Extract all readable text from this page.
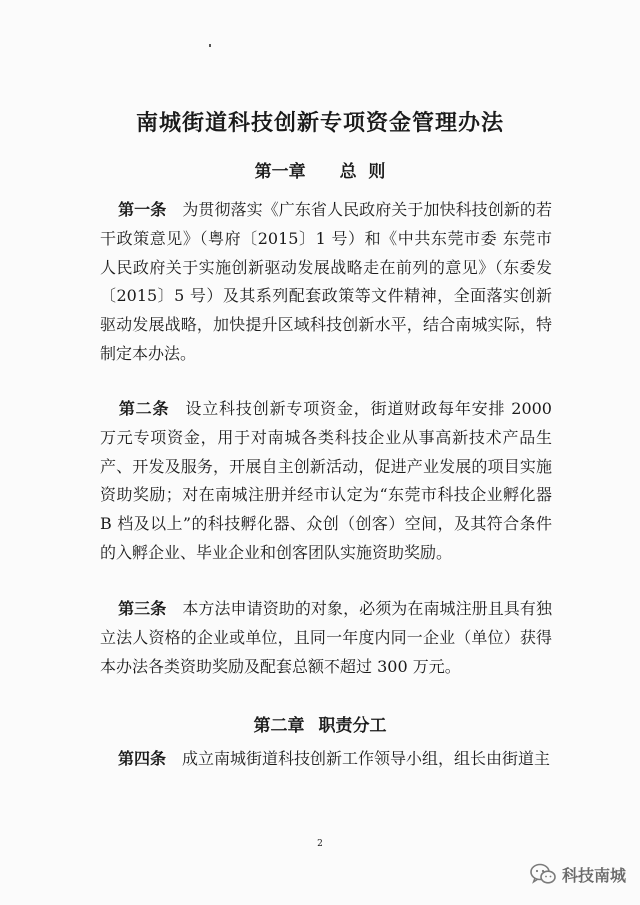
南城街道科技创新专项资金管理办法
第一章 总  则

第一条 为贯彻落实《广东省人民政府关于加快科技创新的若干政策意见》（粤府〔2015〕1 号）和《中共东莞市委 东莞市人民政府关于实施创新驱动发展战略走在前列的意见》（东委发〔2015〕5 号）及其系列配套政策等文件精神，全面落实创新驱动发展战略，加快提升区域科技创新水平，结合南城实际，特制定本办法。

第二条 设立科技创新专项资金，街道财政每年安排 2000 万元专项资金，用于对南城各类科技企业从事高新技术产品生产、开发及服务，开展自主创新活动，促进产业发展的项目实施资助奖励；对在南城注册并经市认定为“东莞市科技企业孵化器 B 档及以上”的科技孵化器、众创（创客）空间，及其符合条件的入孵企业、毕业企业和创客团队实施资助奖励。

第三条 本方法申请资助的对象，必须为在南城注册且具有独立法人资格的企业或单位，且同一年度内同一企业（单位）获得本办法各类资助奖励及配套总额不超过 300 万元。

第二章 职责分工

第四条 成立南城街道科技创新工作领导小组，组长由街道主

2
科技南城
